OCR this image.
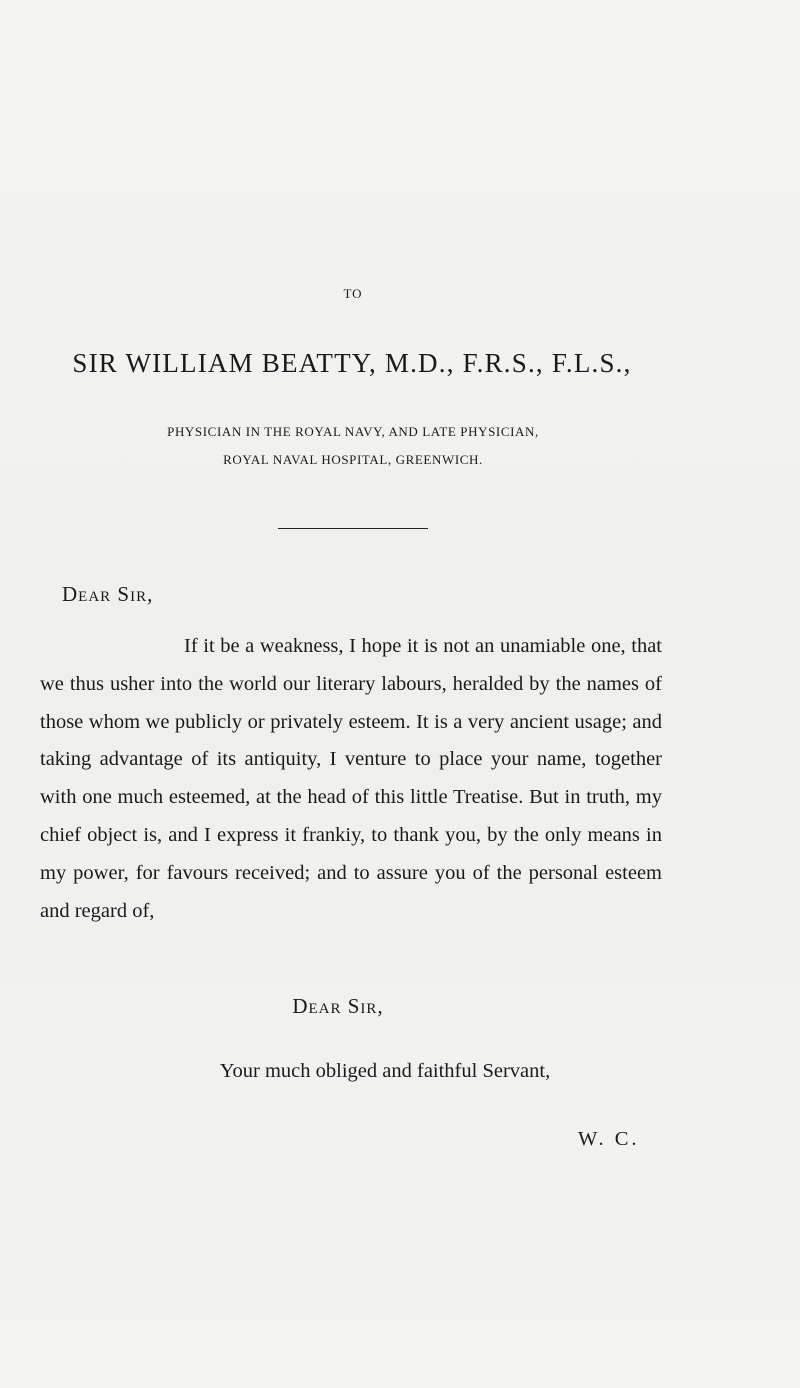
TO
SIR WILLIAM BEATTY, M.D., F.R.S., F.L.S.,
PHYSICIAN IN THE ROYAL NAVY, AND LATE PHYSICIAN,
ROYAL NAVAL HOSPITAL, GREENWICH.
Dear Sir,
If it be a weakness, I hope it is not an unamiable one, that we thus usher into the world our literary labours, heralded by the names of those whom we publicly or privately esteem. It is a very ancient usage; and taking advantage of its antiquity, I venture to place your name, together with one much esteemed, at the head of this little Treatise. But in truth, my chief object is, and I express it frankiy, to thank you, by the only means in my power, for favours received; and to assure you of the personal esteem and regard of,
Dear Sir,
Your much obliged and faithful Servant,
W. C.
